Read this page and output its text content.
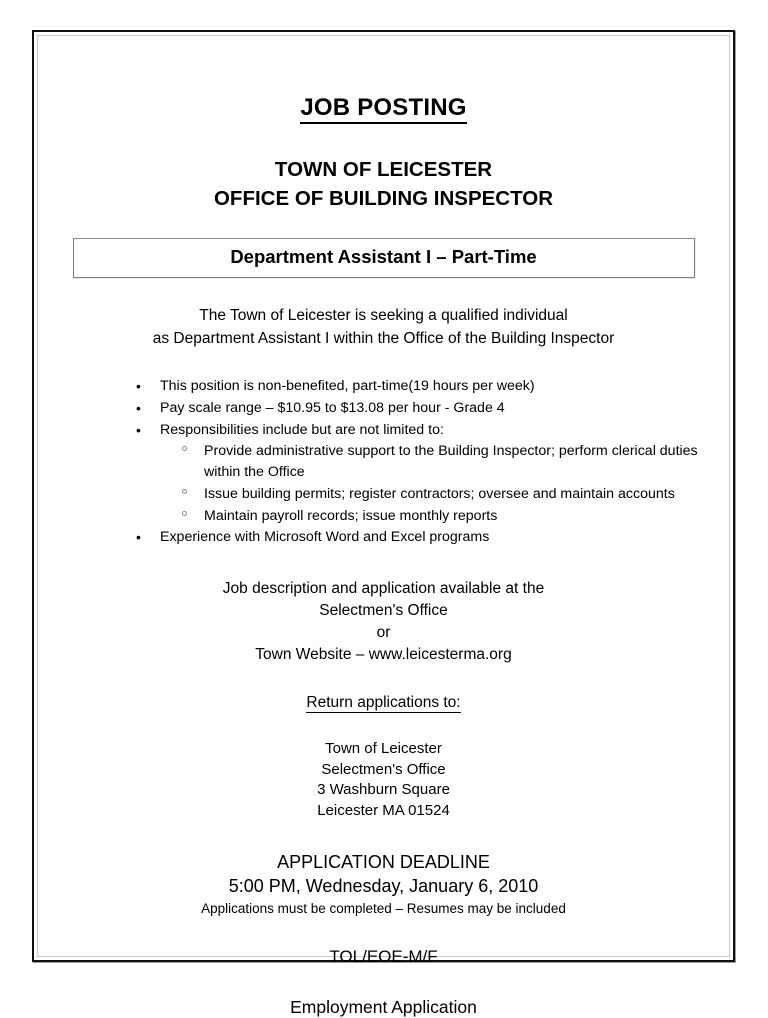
JOB POSTING
TOWN OF LEICESTER
OFFICE OF BUILDING INSPECTOR
Department Assistant I – Part-Time
The Town of Leicester is seeking a qualified individual
as Department Assistant I within the Office of the Building Inspector
• This position is non-benefited, part-time(19 hours per week)
• Pay scale range – $10.95 to $13.08 per hour - Grade 4
• Responsibilities include but are not limited to:
Provide administrative support to the Building Inspector; perform clerical duties within the Office
Issue building permits; register contractors; oversee and maintain accounts
Maintain payroll records; issue monthly reports
• Experience with Microsoft Word and Excel programs
Job description and application available at the
Selectmen's Office
or
Town Website – www.leicesterma.org
Return applications to:
Town of Leicester
Selectmen's Office
3 Washburn Square
Leicester MA 01524
APPLICATION DEADLINE
5:00 PM, Wednesday, January 6, 2010
Applications must be completed – Resumes may be included
TOL/EOE-M/F
Employment Application
